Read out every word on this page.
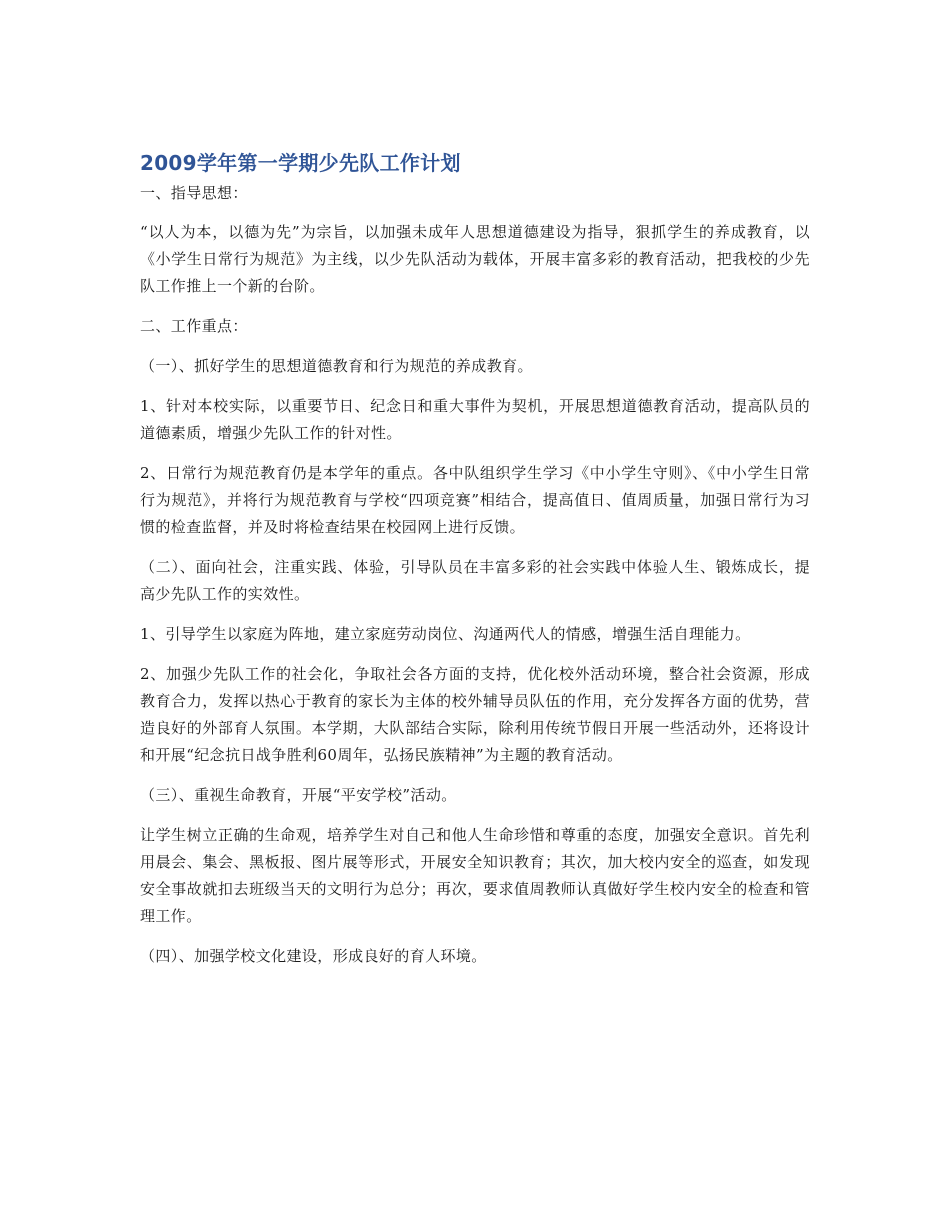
2009学年第一学期少先队工作计划

一、指导思想：

“以人为本，以德为先”为宗旨，以加强未成年人思想道德建设为指导，狠抓学生的养成教育，以《小学生日常行为规范》为主线，以少先队活动为载体，开展丰富多彩的教育活动，把我校的少先队工作推上一个新的台阶。

二、工作重点：

（一）、抓好学生的思想道德教育和行为规范的养成教育。

1、针对本校实际，以重要节日、纪念日和重大事件为契机，开展思想道德教育活动，提高队员的道德素质，增强少先队工作的针对性。

2、日常行为规范教育仍是本学年的重点。各中队组织学生学习《中小学生守则》、《中小学生日常行为规范》，并将行为规范教育与学校“四项竞赛”相结合，提高值日、值周质量，加强日常行为习惯的检查监督，并及时将检查结果在校园网上进行反馈。

（二）、面向社会，注重实践、体验，引导队员在丰富多彩的社会实践中体验人生、锻炼成长，提高少先队工作的实效性。

1、引导学生以家庭为阵地，建立家庭劳动岗位、沟通两代人的情感，增强生活自理能力。

2、加强少先队工作的社会化，争取社会各方面的支持，优化校外活动环境，整合社会资源，形成教育合力，发挥以热心于教育的家长为主体的校外辅导员队伍的作用，充分发挥各方面的优势，营造良好的外部育人氛围。本学期，大队部结合实际，除利用传统节假日开展一些活动外，还将设计和开展“纪念抗日战争胜利60周年，弘扬民族精神”为主题的教育活动。

（三）、重视生命教育，开展“平安学校”活动。

让学生树立正确的生命观，培养学生对自己和他人生命珍惜和尊重的态度，加强安全意识。首先利用晨会、集会、黑板报、图片展等形式，开展安全知识教育；其次，加大校内安全的巡查，如发现安全事故就扣去班级当天的文明行为总分；再次，要求值周教师认真做好学生校内安全的检查和管理工作。

（四）、加强学校文化建设，形成良好的育人环境。
